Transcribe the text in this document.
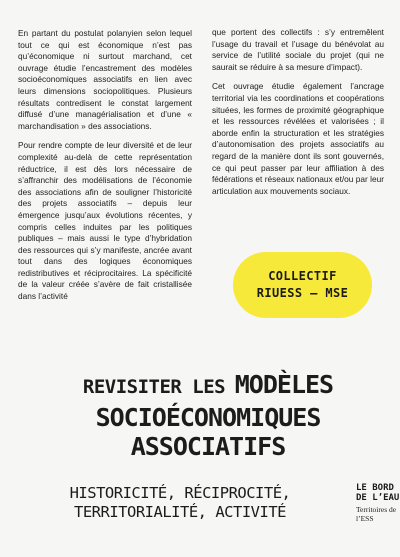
En partant du postulat polanyien selon lequel tout ce qui est économique n’est pas qu’économique ni surtout marchand, cet ouvrage étudie l’encastrement des modèles socioéconomiques associatifs en lien avec leurs dimensions sociopolitiques. Plusieurs résultats contredisent le constat largement diffusé d’une managérialisation et d’une « marchandisation » des associations.

Pour rendre compte de leur diversité et de leur complexité au-delà de cette représentation réductrice, il est dès lors nécessaire de s’affranchir des modélisations de l’économie des associations afin de souligner l’historicité des projets associatifs – depuis leur émergence jusqu’aux évolutions récentes, y compris celles induites par les politiques publiques – mais aussi le type d’hybridation des ressources qui s’y manifeste, ancrée avant tout dans des logiques économiques redistributives et réciprocitaires. La spécificité de la valeur créée s’avère de fait cristallisée dans l’activité

que portent des collectifs : s’y entremêlent l’usage du travail et l’usage du bénévolat au service de l’utilité sociale du projet (qui ne saurait se réduire à sa mesure d’impact).

Cet ouvrage étudie également l’ancrage territorial via les coordinations et coopérations situées, les formes de proximité géographique et les ressources révélées et valorisées ; il aborde enfin la structuration et les stratégies d’autonomisation des projets associatifs au regard de la manière dont ils sont gouvernés, ce qui peut passer par leur affiliation à des fédérations et réseaux nationaux et/ou par leur articulation aux mouvements sociaux.

COLLECTIF
RIUESS – MSE
REVISITER LES MODÈLES
SOCIOÉCONOMIQUES
ASSOCIATIFS
HISTORICITÉ, RÉCIPROCITÉ,
TERRITORIALITÉ, ACTIVITÉ
LE BORD
DE L’EAU
Territoires de l’ESS
